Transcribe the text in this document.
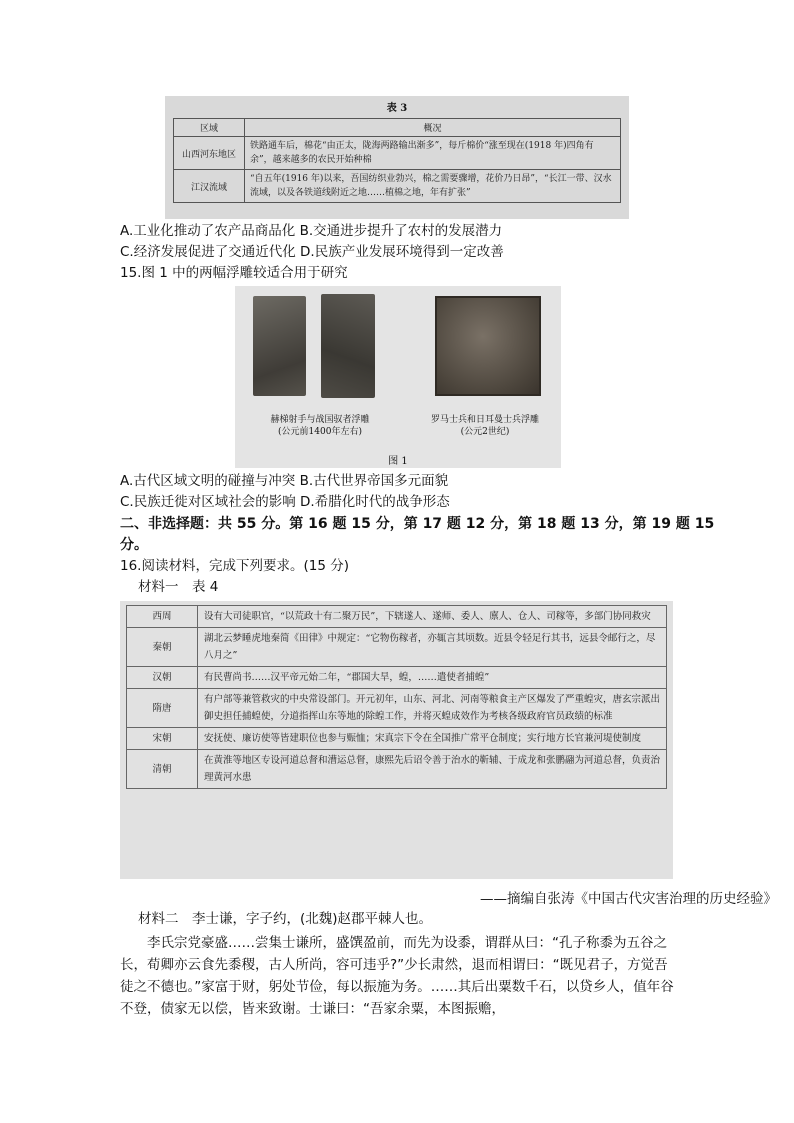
表 3
区域	概况
山西河东地区	铁路通车后，棉花“由正太，陇海两路输出渐多”，每斤棉价“涨至现在(1918 年)四角有余”，越来越多的农民开始种棉
江汉流域	“自五年(1916 年)以来，吾国纺织业勃兴，棉之需要骤增，花价乃日昂”，“长江一带、汉水流域，以及各铁道线附近之地……植棉之地，年有扩张”
A.工业化推动了农产品商品化 B.交通进步提升了农村的发展潜力
C.经济发展促进了交通近代化 D.民族产业发展环境得到一定改善
15.图 1 中的两幅浮雕较适合用于研究
赫梯射手与战国驭者浮雕
(公元前1400年左右)
罗马士兵和日耳曼士兵浮雕
(公元2世纪)
图 1
A.古代区域文明的碰撞与冲突 B.古代世界帝国多元面貌
C.民族迁徙对区域社会的影响 D.希腊化时代的战争形态
二、非选择题：共 55 分。第 16 题 15 分，第 17 题 12 分，第 18 题 13 分，第 19 题 15
分。
16.阅读材料，完成下列要求。(15 分)
材料一　表 4
西周	设有大司徒职官，“以荒政十有二聚万民”，下辖遂人、遂师、委人、廪人、仓人、司稼等，多部门协同救灾
秦朝	湖北云梦睡虎地秦简《田律》中规定：“它物伤稼者，亦辄言其顷数。近县令轻足行其书，远县令邮行之，尽八月之”
汉朝	有民曹尚书……汉平帝元始二年，“郡国大旱，蝗，……遣使者捕蝗”
隋唐	有户部等兼管救灾的中央常设部门。开元初年，山东、河北、河南等粮食主产区爆发了严重蝗灾，唐玄宗派出御史担任捕蝗使，分道指挥山东等地的除蝗工作，并将灭蝗成效作为考核各级政府官员政绩的标准
宋朝	安抚使、廉访使等皆建职位也参与赈恤；宋真宗下令在全国推广常平仓制度；实行地方长官兼河堤使制度
清朝	在黄淮等地区专设河道总督和漕运总督，康熙先后诏令善于治水的靳辅、于成龙和张鹏翮为河道总督，负责治理黄河水患
——摘编自张涛《中国古代灾害治理的历史经验》
材料二　李士谦，字子约，(北魏)赵郡平棘人也。
李氏宗党豪盛……尝集士谦所，盛馔盈前，而先为设黍，谓群从曰：“孔子称黍为五谷之长，荀卿亦云食先黍稷，古人所尚，容可违乎?”少长肃然，退而相谓曰：“既见君子，方觉吾徒之不德也。”家富于财，躬处节俭，每以振施为务。……其后出粟数千石，以贷乡人，值年谷不登，债家无以偿，皆来致谢。士谦曰：“吾家余粟，本图振赡，
